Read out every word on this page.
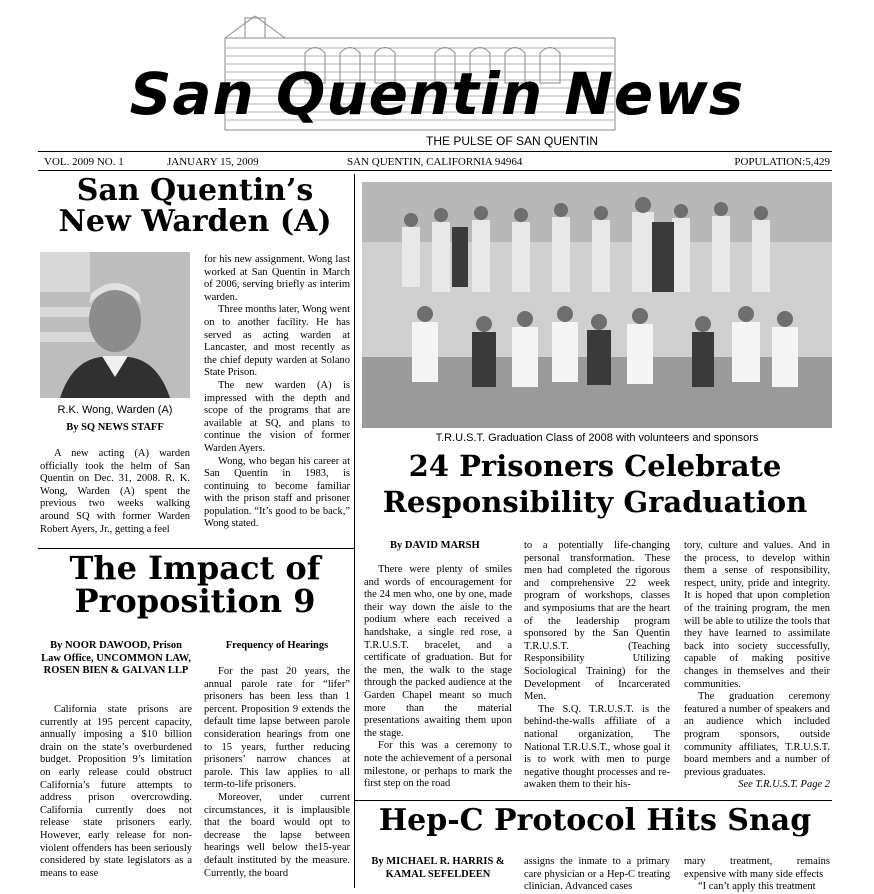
San Quentin News
THE PULSE OF SAN QUENTIN
VOL. 2009 NO. 1	JANUARY 15, 2009	SAN QUENTIN, CALIFORNIA 94964	POPULATION:5,429
San Quentin’s
New Warden (A)
R.K. Wong, Warden (A)
By SQ NEWS STAFF

A new acting (A) warden officially took the helm of San Quentin on Dec. 31, 2008. R. K. Wong, Warden (A) spent the previous two weeks walking around SQ with former Warden Robert Ayers, Jr., getting a feel

for his new assignment. Wong last worked at San Quentin in March of 2006, serving briefly as interim warden.

Three months later, Wong went on to another facility. He has served as acting warden at Lancaster, and most recently as the chief deputy warden at Solano State Prison.

The new warden (A) is impressed with the depth and scope of the programs that are available at SQ, and plans to continue the vision of former Warden Ayers.

Wong, who began his career at San Quentin in 1983, is continuing to become familiar with the prison staff and prisoner population. “It’s good to be back,” Wong stated.

T.R.U.S.T. Graduation Class of 2008 with volunteers and sponsors
24 Prisoners Celebrate
Responsibility Graduation
By DAVID MARSH

There were plenty of smiles and words of encouragement for the 24 men who, one by one, made their way down the aisle to the podium where each received a handshake, a single red rose, a T.R.U.S.T. bracelet, and a certificate of graduation. But for the men, the walk to the stage through the packed audience at the Garden Chapel meant so much more than the material presentations awaiting them upon the stage.

For this was a ceremony to note the achievement of a personal milestone, or perhaps to mark the first step on the road

to a potentially life-changing personal transformation. These men had completed the rigorous and comprehensive 22 week program of workshops, classes and symposiums that are the heart of the leadership program sponsored by the San Quentin T.R.U.S.T. (Teaching Responsibility Utilizing Sociological Training) for the Development of Incarcerated Men.

The S.Q. T.R.U.S.T. is the behind-the-walls affiliate of a national organization, The National T.R.U.S.T., whose goal it is to work with men to purge negative thought processes and re-awaken them to their his-

tory, culture and values. And in the process, to develop within them a sense of responsibility, respect, unity, pride and integrity. It is hoped that upon completion of the training program, the men will be able to utilize the tools that they have learned to assimilate back into society successfully, capable of making positive changes in themselves and their communities.

The graduation ceremony featured a number of speakers and an audience which included program sponsors, outside community affiliates, T.R.U.S.T. board members and a number of previous graduates.

See T.R.U.S.T. Page 2

The Impact of
Proposition 9
By NOOR DAWOOD, Prison Law Office, UNCOMMON LAW, ROSEN BIEN & GALVAN LLP

California state prisons are currently at 195 percent capacity, annually imposing a $10 billion drain on the state’s overburdened budget. Proposition 9’s limitation on early release could obstruct California’s future attempts to address prison overcrowding. California currently does not release state prisoners early. However, early release for non-violent offenders has been seriously considered by state legislators as a means to ease

Frequency of Hearings

For the past 20 years, the annual parole rate for “lifer” prisoners has been less than 1 percent. Proposition 9 extends the default time lapse between parole consideration hearings from one to 15 years, further reducing prisoners’ narrow chances at parole. This law applies to all term-to-life prisoners.

Moreover, under current circumstances, it is implausible that the board would opt to decrease the lapse between hearings well below the15-year default instituted by the measure. Currently, the board

Hep-C Protocol Hits Snag
By MICHAEL R. HARRIS & KAMAL SEFELDEEN

assigns the inmate to a primary care physician or a Hep-C treating clinician. Advanced cases

mary treatment, remains expensive with many side effects

“I can’t apply this treatment
